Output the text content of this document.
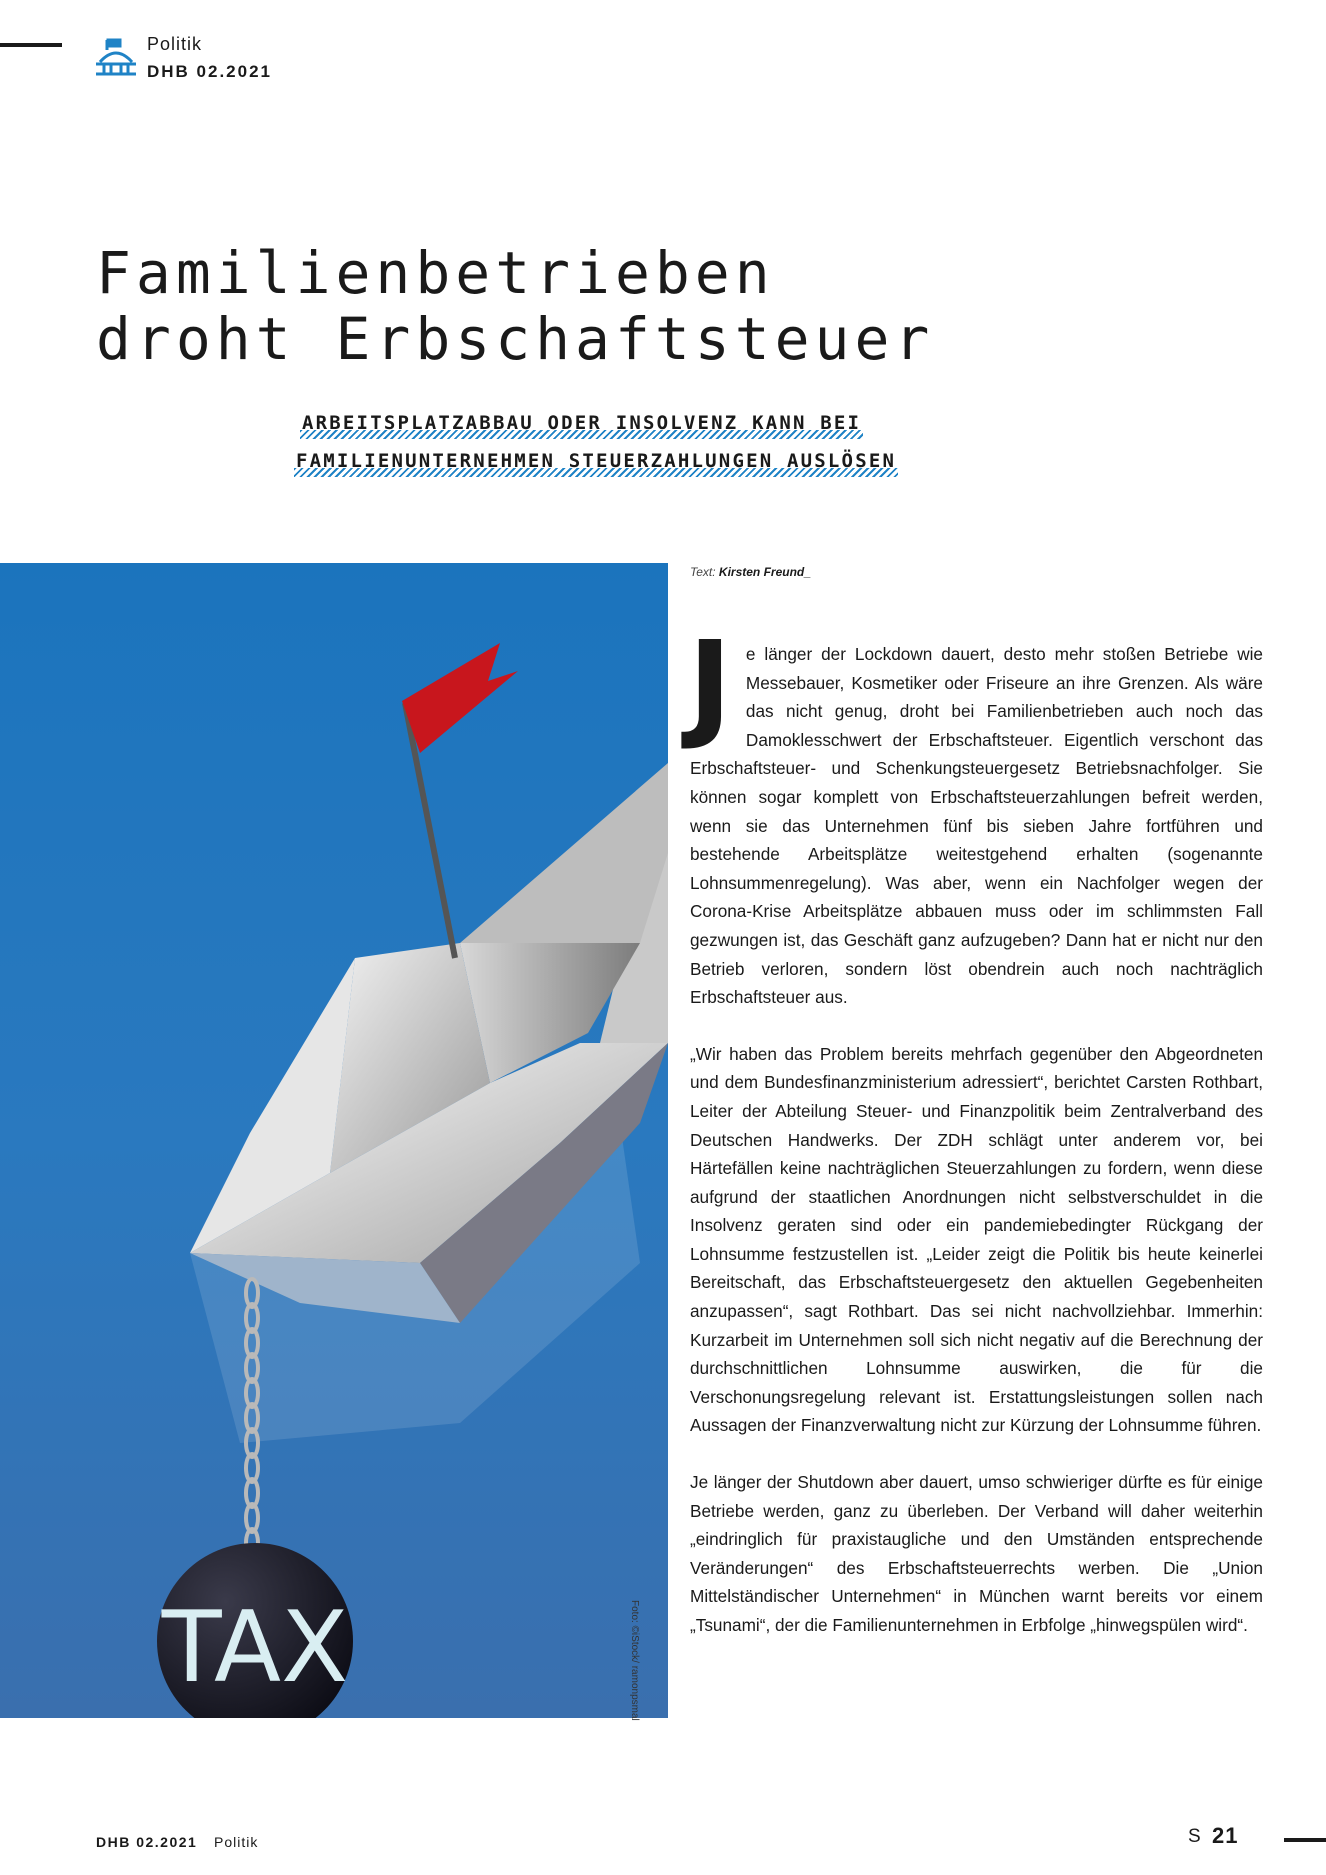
Politik
DHB 02.2021
Familienbetrieben
droht Erbschaftsteuer
ARBEITSPLATZABBAU ODER INSOLVENZ KANN BEI
FAMILIENUNTERNEHMEN STEUERZAHLUNGEN AUSLÖSEN
TAX	Foto: ©iStock/ ramonpsmal
Text: Kirsten Freund_

Je länger der Lockdown dauert, desto mehr stoßen Betriebe wie Messebauer, Kosmetiker oder Friseure an ihre Grenzen. Als wäre das nicht genug, droht bei Familienbetrieben auch noch das Damoklesschwert der Erbschaftsteuer. Eigentlich verschont das Erbschaftsteuer- und Schenkungsteuergesetz Betriebsnachfolger. Sie können sogar komplett von Erbschaftsteuerzahlungen befreit werden, wenn sie das Unternehmen fünf bis sieben Jahre fortführen und bestehende Arbeitsplätze weitestgehend erhalten (sogenannte Lohnsummenregelung). Was aber, wenn ein Nachfolger wegen der Corona-Krise Arbeitsplätze abbauen muss oder im schlimmsten Fall gezwungen ist, das Geschäft ganz aufzugeben? Dann hat er nicht nur den Betrieb verloren, sondern löst obendrein auch noch nachträglich Erbschaftsteuer aus.

„Wir haben das Problem bereits mehrfach gegenüber den Abgeordneten und dem Bundesfinanzministerium adressiert“, berichtet Carsten Rothbart, Leiter der Abteilung Steuer- und Finanzpolitik beim Zentralverband des Deutschen Handwerks. Der ZDH schlägt unter anderem vor, bei Härtefällen keine nachträglichen Steuerzahlungen zu fordern, wenn diese aufgrund der staatlichen Anordnungen nicht selbstverschuldet in die Insolvenz geraten sind oder ein pandemiebedingter Rückgang der Lohnsumme festzustellen ist. „Leider zeigt die Politik bis heute keinerlei Bereitschaft, das Erbschaftsteuergesetz den aktuellen Gegebenheiten anzupassen“, sagt Rothbart. Das sei nicht nachvollziehbar. Immerhin: Kurzarbeit im Unternehmen soll sich nicht negativ auf die Berechnung der durchschnittlichen Lohnsumme auswirken, die für die Verschonungsregelung relevant ist. Erstattungsleistungen sollen nach Aussagen der Finanzverwaltung nicht zur Kürzung der Lohnsumme führen.

Je länger der Shutdown aber dauert, umso schwieriger dürfte es für einige Betriebe werden, ganz zu überleben. Der Verband will daher weiterhin „eindringlich für praxistaugliche und den Umständen entsprechende Veränderungen“ des Erbschaftsteuerrechts werben. Die „Union Mittelständischer Unternehmen“ in München warnt bereits vor einem „Tsunami“, der die Familienunternehmen in Erbfolge „hinwegspülen wird“.

DHB 02.2021 Politik	S 21
